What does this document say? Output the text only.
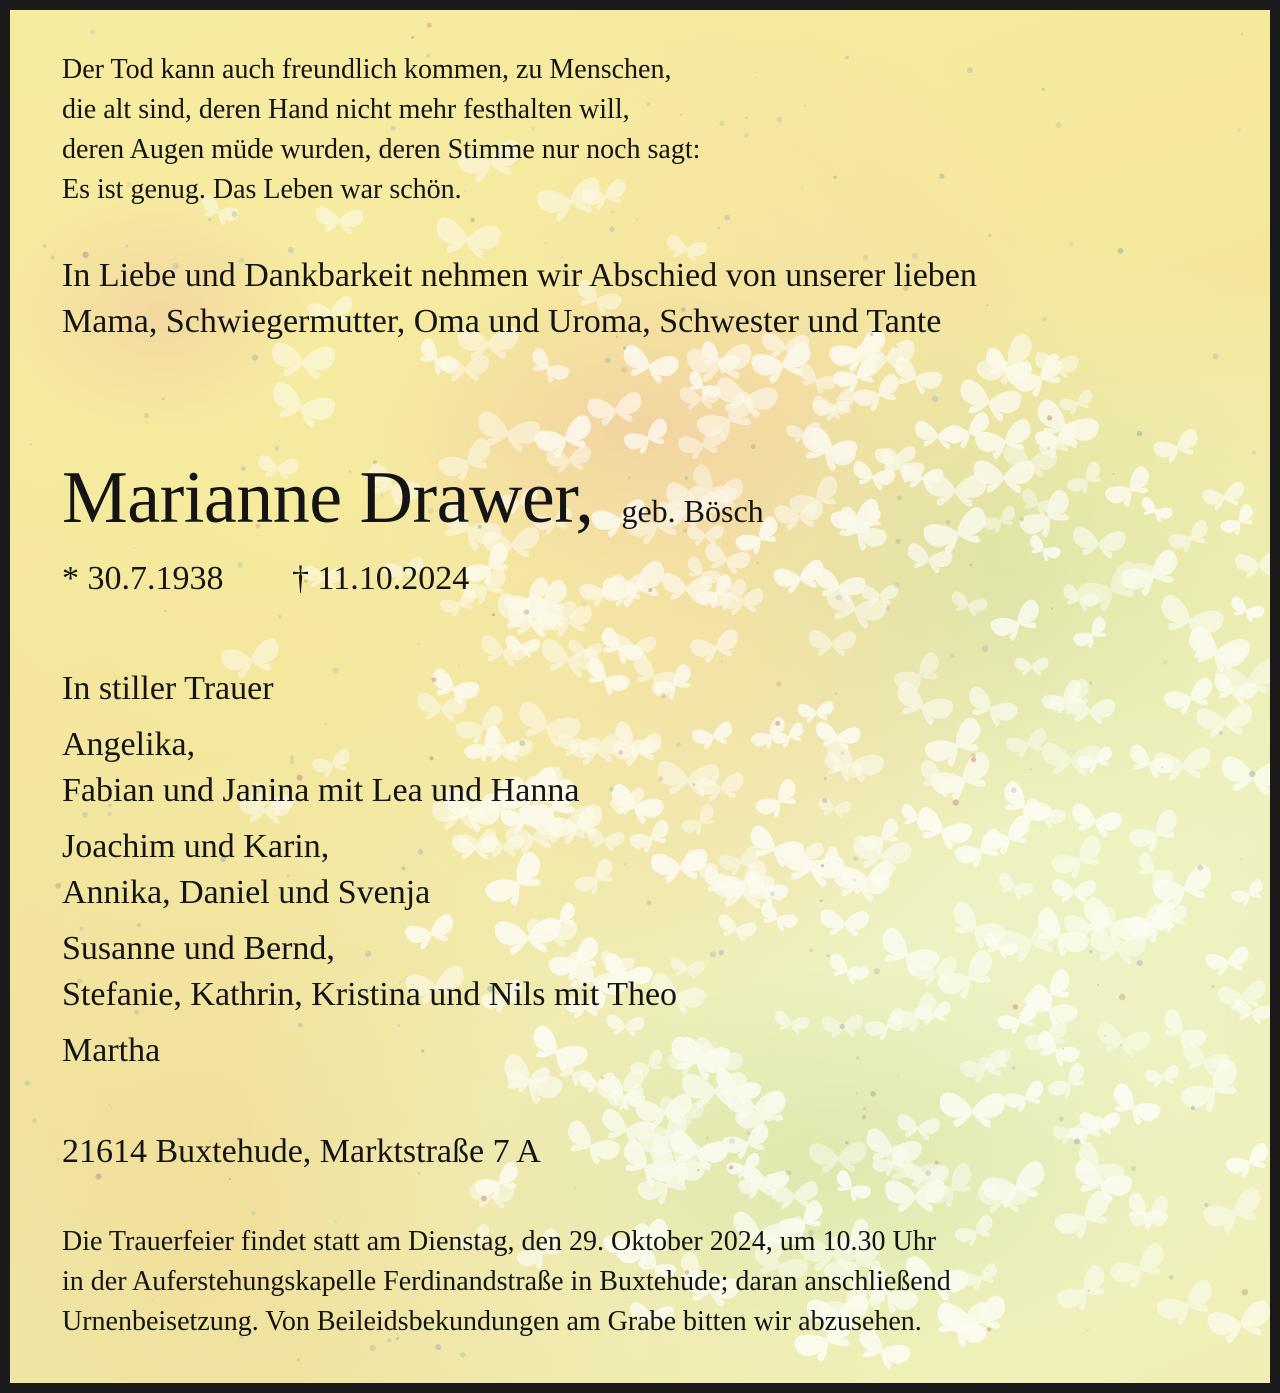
Der Tod kann auch freundlich kommen, zu Menschen,
die alt sind, deren Hand nicht mehr festhalten will,
deren Augen müde wurden, deren Stimme nur noch sagt:
Es ist genug. Das Leben war schön.
In Liebe und Dankbarkeit nehmen wir Abschied von unserer lieben
Mama, Schwiegermutter, Oma und Uroma, Schwester und Tante
Marianne Drawer, geb. Bösch
* 30.7.1938 † 11.10.2024
In stiller Trauer
Angelika,
Fabian und Janina mit Lea und Hanna
Joachim und Karin,
Annika, Daniel und Svenja
Susanne und Bernd,
Stefanie, Kathrin, Kristina und Nils mit Theo
Martha
21614 Buxtehude, Marktstraße 7 A
Die Trauerfeier findet statt am Dienstag, den 29. Oktober 2024, um 10.30 Uhr
in der Auferstehungskapelle Ferdinandstraße in Buxtehude; daran anschließend
Urnenbeisetzung. Von Beileidsbekundungen am Grabe bitten wir abzusehen.
